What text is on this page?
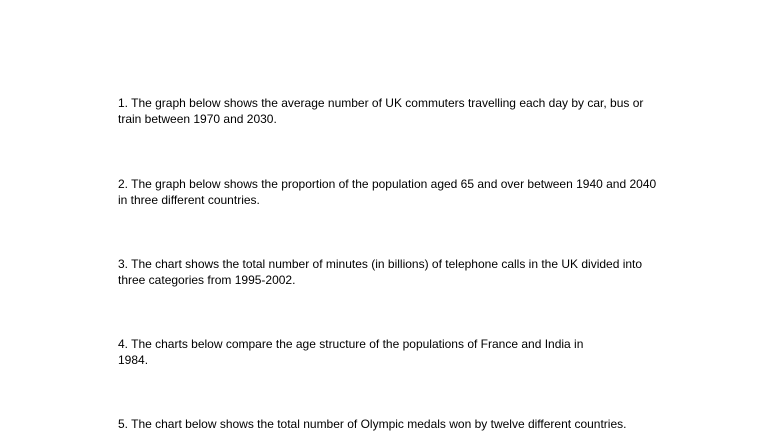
1. The graph below shows the average number of UK commuters travelling each day by car, bus or
train between 1970 and 2030.

2. The graph below shows the proportion of the population aged 65 and over between 1940 and 2040
in three different countries.

3. The chart shows the total number of minutes (in billions) of telephone calls in the UK divided into
three categories from 1995-2002.

4. The charts below compare the age structure of the populations of France and India in
1984.

5. The chart below shows the total number of Olympic medals won by twelve different countries.
